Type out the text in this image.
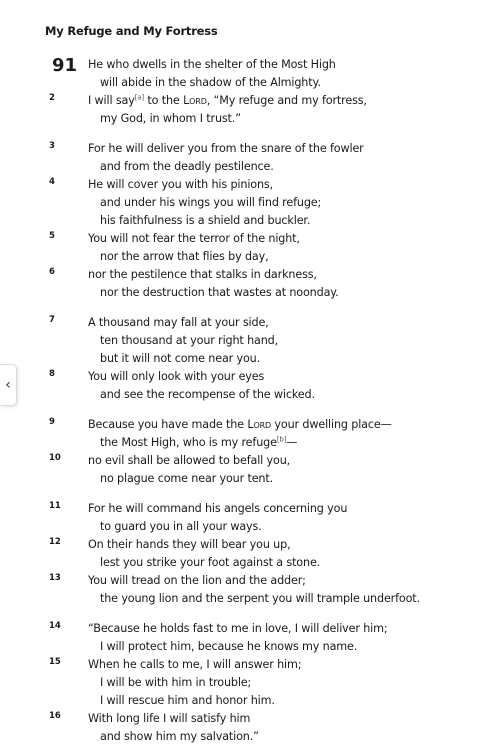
My Refuge and My Fortress
91 He who dwells in the shelter of the Most High
will abide in the shadow of the Almighty.
2	I will say[a] to the Lord, “My refuge and my fortress,
my God, in whom I trust.”
3	For he will deliver you from the snare of the fowler
and from the deadly pestilence.
4	He will cover you with his pinions,
and under his wings you will find refuge;
his faithfulness is a shield and buckler.
5	You will not fear the terror of the night,
nor the arrow that flies by day,
6	nor the pestilence that stalks in darkness,
nor the destruction that wastes at noonday.
7	A thousand may fall at your side,
ten thousand at your right hand,
but it will not come near you.
8	You will only look with your eyes
and see the recompense of the wicked.
9	Because you have made the Lord your dwelling place—
the Most High, who is my refuge[b]—
10 no evil shall be allowed to befall you,
no plague come near your tent.
11 For he will command his angels concerning you
to guard you in all your ways.
12 On their hands they will bear you up,
lest you strike your foot against a stone.
13 You will tread on the lion and the adder;
the young lion and the serpent you will trample underfoot.
14 “Because he holds fast to me in love, I will deliver him;
I will protect him, because he knows my name.
15 When he calls to me, I will answer him;
I will be with him in trouble;
I will rescue him and honor him.
16 With long life I will satisfy him
and show him my salvation.”
‹
